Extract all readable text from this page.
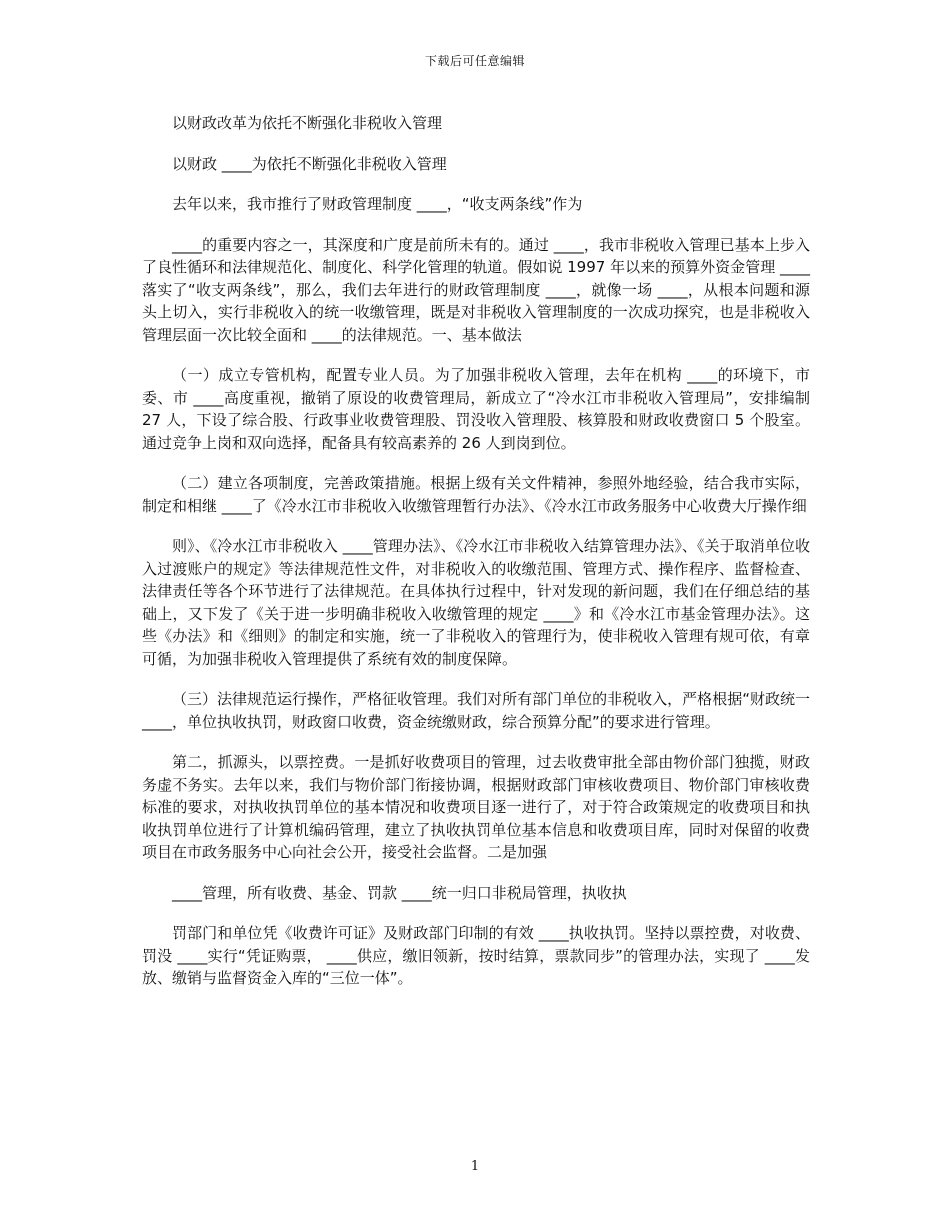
下载后可任意编辑

以财政改革为依托不断强化非税收入管理

以财政 ____为依托不断强化非税收入管理

去年以来，我市推行了财政管理制度 ____，“收支两条线”作为

____的重要内容之一，其深度和广度是前所未有的。通过 ____，我市非税收入管理已基本上步入了良性循环和法律规范化、制度化、科学化管理的轨道。假如说 1997 年以来的预算外资金管理 ____落实了“收支两条线”，那么，我们去年进行的财政管理制度 ____，就像一场 ____，从根本问题和源头上切入，实行非税收入的统一收缴管理，既是对非税收入管理制度的一次成功探究，也是非税收入管理层面一次比较全面和 ____的法律规范。一、基本做法

（一）成立专管机构，配置专业人员。为了加强非税收入管理，去年在机构 ____的环境下，市委、市 ____高度重视，撤销了原设的收费管理局，新成立了“冷水江市非税收入管理局”，安排编制 27 人，下设了综合股、行政事业收费管理股、罚没收入管理股、核算股和财政收费窗口 5 个股室。通过竞争上岗和双向选择，配备具有较高素养的 26 人到岗到位。

（二）建立各项制度，完善政策措施。根据上级有关文件精神，参照外地经验，结合我市实际，制定和相继 ____了《冷水江市非税收入收缴管理暂行办法》、《冷水江市政务服务中心收费大厅操作细

则》、《冷水江市非税收入 ____管理办法》、《冷水江市非税收入结算管理办法》、《关于取消单位收入过渡账户的规定》等法律规范性文件，对非税收入的收缴范围、管理方式、操作程序、监督检查、法律责任等各个环节进行了法律规范。在具体执行过程中，针对发现的新问题，我们在仔细总结的基础上，又下发了《关于进一步明确非税收入收缴管理的规定 ____》和《冷水江市基金管理办法》。这些《办法》和《细则》的制定和实施，统一了非税收入的管理行为，使非税收入管理有规可依，有章可循，为加强非税收入管理提供了系统有效的制度保障。

（三）法律规范运行操作，严格征收管理。我们对所有部门单位的非税收入，严格根据“财政统一 ____，单位执收执罚，财政窗口收费，资金统缴财政，综合预算分配”的要求进行管理。

第二，抓源头，以票控费。一是抓好收费项目的管理，过去收费审批全部由物价部门独揽，财政务虚不务实。去年以来，我们与物价部门衔接协调，根据财政部门审核收费项目、物价部门审核收费标准的要求，对执收执罚单位的基本情况和收费项目逐一进行了，对于符合政策规定的收费项目和执收执罚单位进行了计算机编码管理，建立了执收执罚单位基本信息和收费项目库，同时对保留的收费项目在市政务服务中心向社会公开，接受社会监督。二是加强

____管理，所有收费、基金、罚款 ____统一归口非税局管理，执收执

罚部门和单位凭《收费许可证》及财政部门印制的有效 ____执收执罚。坚持以票控费，对收费、罚没 ____实行“凭证购票， ____供应，缴旧领新，按时结算，票款同步”的管理办法，实现了 ____发放、缴销与监督资金入库的“三位一体”。

1
